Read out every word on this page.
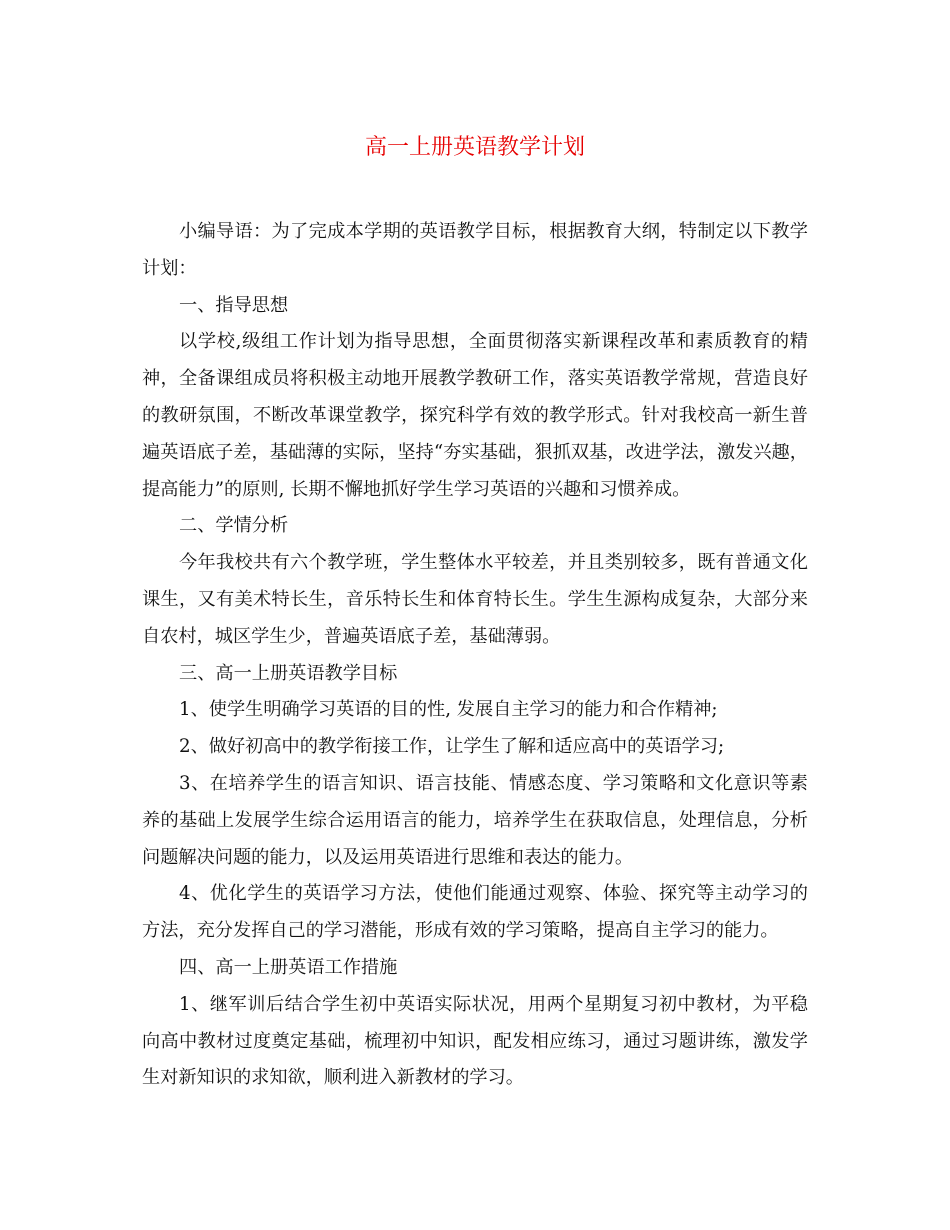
高一上册英语教学计划

小编导语：为了完成本学期的英语教学目标，根据教育大纲，特制定以下教学计划：

一、指导思想

以学校,级组工作计划为指导思想，全面贯彻落实新课程改革和素质教育的精神，全备课组成员将积极主动地开展教学教研工作，落实英语教学常规，营造良好的教研氛围，不断改革课堂教学，探究科学有效的教学形式。针对我校高一新生普遍英语底子差，基础薄的实际，坚持“夯实基础，狠抓双基，改进学法，激发兴趣，提高能力”的原则, 长期不懈地抓好学生学习英语的兴趣和习惯养成。

二、学情分析

今年我校共有六个教学班，学生整体水平较差，并且类别较多，既有普通文化课生，又有美术特长生，音乐特长生和体育特长生。学生生源构成复杂，大部分来自农村，城区学生少，普遍英语底子差，基础薄弱。

三、高一上册英语教学目标

1、使学生明确学习英语的目的性, 发展自主学习的能力和合作精神;

2、做好初高中的教学衔接工作，让学生了解和适应高中的英语学习;

3、在培养学生的语言知识、语言技能、情感态度、学习策略和文化意识等素养的基础上发展学生综合运用语言的能力，培养学生在获取信息，处理信息，分析问题解决问题的能力，以及运用英语进行思维和表达的能力。

4、优化学生的英语学习方法，使他们能通过观察、体验、探究等主动学习的方法，充分发挥自己的学习潜能，形成有效的学习策略，提高自主学习的能力。

四、高一上册英语工作措施

1、继军训后结合学生初中英语实际状况，用两个星期复习初中教材，为平稳向高中教材过度奠定基础，梳理初中知识，配发相应练习，通过习题讲练，激发学生对新知识的求知欲，顺利进入新教材的学习。
